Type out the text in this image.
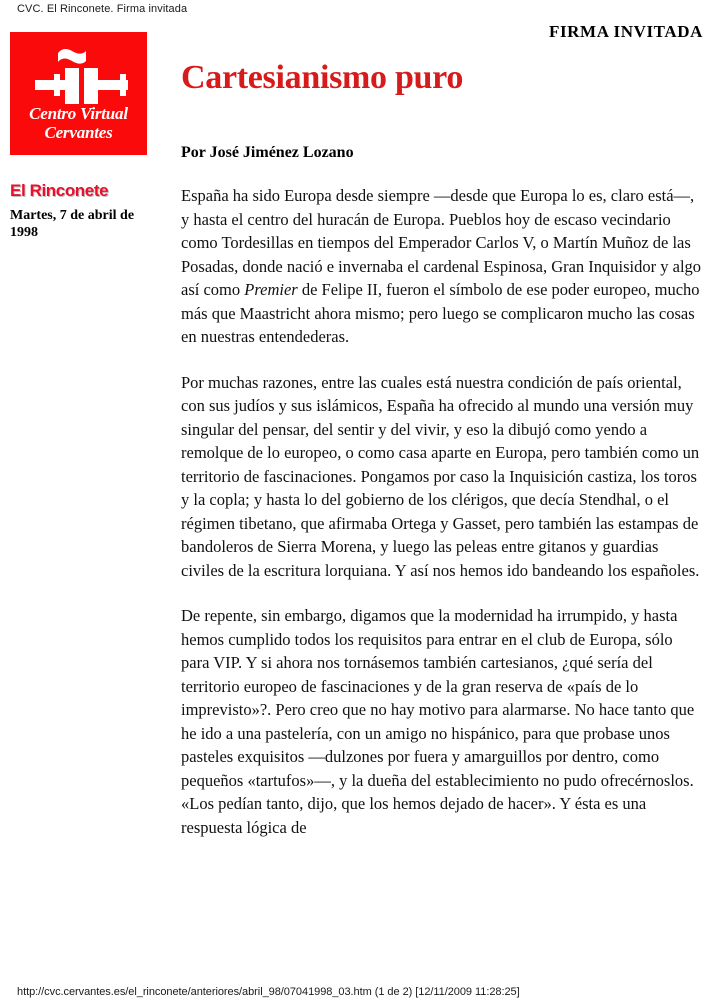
CVC. El Rinconete. Firma invitada
Centro Virtual
Cervantes
El Rinconete
Martes, 7 de abril de 1998
FIRMA INVITADA
Cartesianismo puro
Por José Jiménez Lozano

España ha sido Europa desde siempre —desde que Europa lo es, claro está—, y hasta el centro del huracán de Europa. Pueblos hoy de escaso vecindario como Tordesillas en tiempos del Emperador Carlos V, o Martín Muñoz de las Posadas, donde nació e invernaba el cardenal Espinosa, Gran Inquisidor y algo así como Premier de Felipe II, fueron el símbolo de ese poder europeo, mucho más que Maastricht ahora mismo; pero luego se complicaron mucho las cosas en nuestras entendederas.

Por muchas razones, entre las cuales está nuestra condición de país oriental, con sus judíos y sus islámicos, España ha ofrecido al mundo una versión muy singular del pensar, del sentir y del vivir, y eso la dibujó como yendo a remolque de lo europeo, o como casa aparte en Europa, pero también como un territorio de fascinaciones. Pongamos por caso la Inquisición castiza, los toros y la copla; y hasta lo del gobierno de los clérigos, que decía Stendhal, o el régimen tibetano, que afirmaba Ortega y Gasset, pero también las estampas de bandoleros de Sierra Morena, y luego las peleas entre gitanos y guardias civiles de la escritura lorquiana. Y así nos hemos ido bandeando los españoles.

De repente, sin embargo, digamos que la modernidad ha irrumpido, y hasta hemos cumplido todos los requisitos para entrar en el club de Europa, sólo para VIP. Y si ahora nos tornásemos también cartesianos, ¿qué sería del territorio europeo de fascinaciones y de la gran reserva de «país de lo imprevisto»?. Pero creo que no hay motivo para alarmarse. No hace tanto que he ido a una pastelería, con un amigo no hispánico, para que probase unos pasteles exquisitos —dulzones por fuera y amarguillos por dentro, como pequeños «tartufos»—, y la dueña del establecimiento no pudo ofrecérnoslos. «Los pedían tanto, dijo, que los hemos dejado de hacer». Y ésta es una respuesta lógica de

http://cvc.cervantes.es/el_rinconete/anteriores/abril_98/07041998_03.htm (1 de 2) [12/11/2009 11:28:25]
